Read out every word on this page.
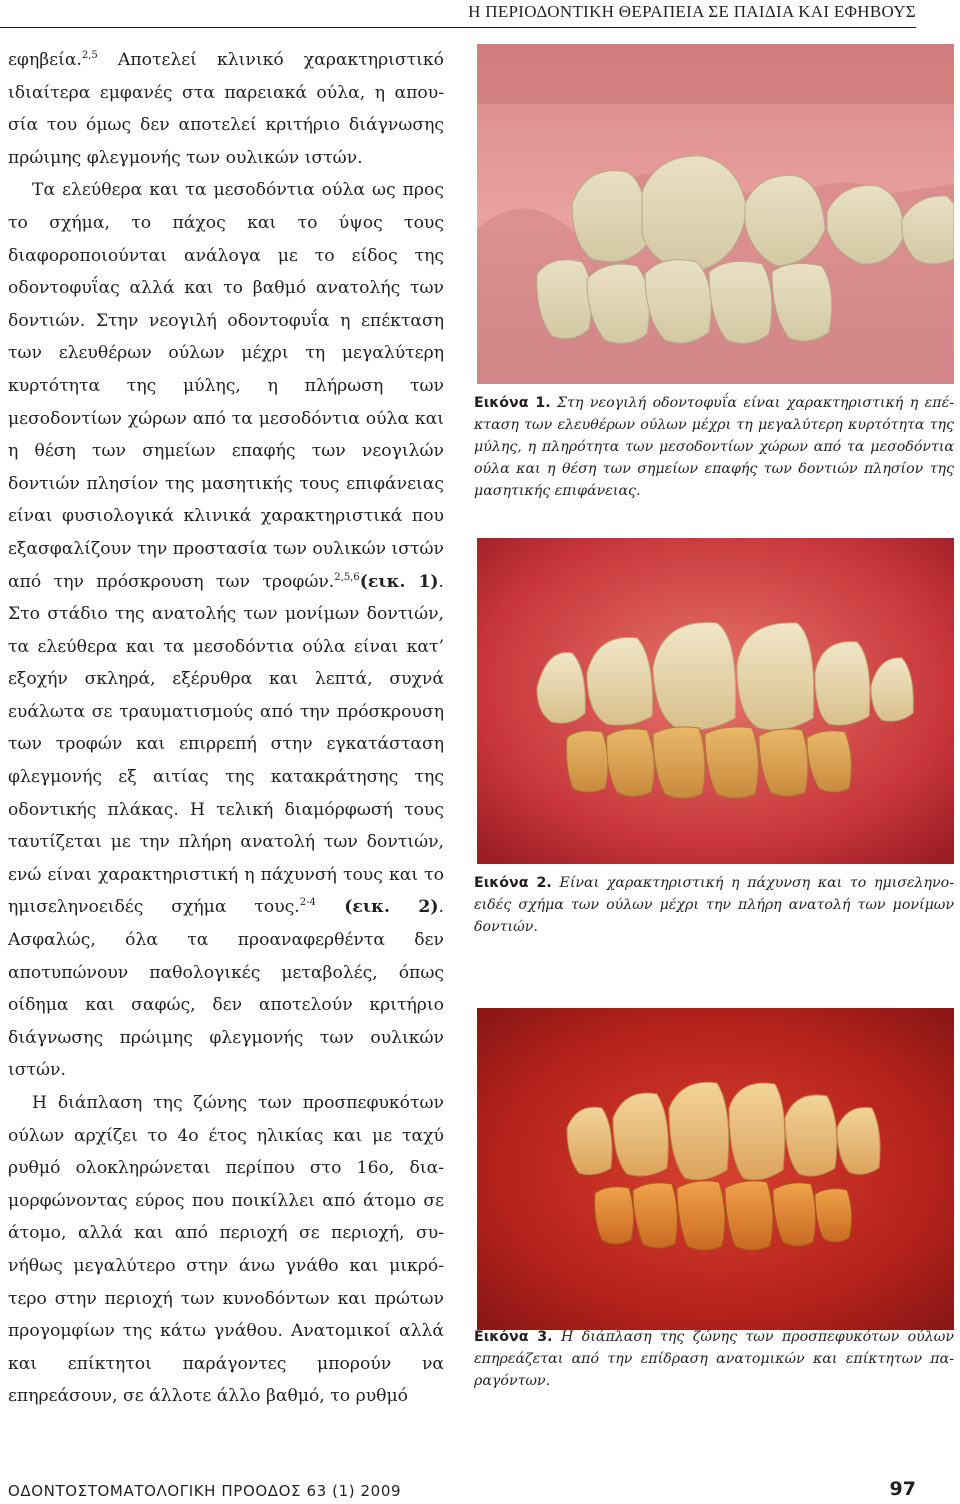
Η ΠΕΡΙΟΔΟΝΤΙΚΗ ΘΕΡΑΠΕΙΑ ΣΕ ΠΑΙΔΙΑ ΚΑΙ ΕΦΗΒΟΥΣ

εφηβεία.$^{2,5}$ Αποτελεί κλινικό χαρακτηριστικό ιδιαίτερα εμφανές στα παρειακά ούλα, η απουσία του όμως δεν αποτελεί κριτήριο διάγνωσης πρώιμης φλεγμονής των ουλικών ιστών.

Τα ελεύθερα και τα μεσοδόντια ούλα ως προς το σχήμα, το πάχος και το ύψος τους διαφοροποιούνται ανάλογα με το είδος της οδοντοφυΐας αλλά και το βαθμό ανατολής των δοντιών. Στην νεογιλή οδοντοφυΐα η επέκταση των ελευθέρων ούλων μέχρι τη μεγαλύτερη κυρτότητα της μύλης, η πλήρωση των μεσοδοντίων χώρων από τα μεσοδόντια ούλα και η θέση των σημείων επαφής των νεογιλών δοντιών πλησίον της μασητικής τους επιφάνειας είναι φυσιολογικά κλινικά χαρακτηριστικά που εξασφαλίζουν την προστασία των ουλικών ιστών από την πρόσκρουση των τροφών.$^{2,5,6}$(εικ. 1). Στο στάδιο της ανατολής των μονίμων δοντιών, τα ελεύθερα και τα μεσοδόντια ούλα είναι κατ’ εξοχήν σκληρά, εξέρυθρα και λεπτά, συχνά ευάλωτα σε τραυματισμούς από την πρόσκρουση των τροφών και επιρρεπή στην εγκατάσταση φλεγμονής εξ αιτίας της κατακράτησης της οδοντικής πλάκας. Η τελική διαμόρφωσή τους ταυτίζεται με την πλήρη ανατολή των δοντιών, ενώ είναι χαρακτηριστική η πάχυνσή τους και το ημισεληνοειδές σχήμα τους.$^{2-4}$ (εικ. 2). Ασφαλώς, όλα τα προαναφερθέντα δεν αποτυπώνουν παθολογικές μεταβολές, όπως οίδημα και σαφώς, δεν αποτελούν κριτήριο διάγνωσης πρώιμης φλεγμονής των ουλικών ιστών.

Η διάπλαση της ζώνης των προσπεφυκότων ούλων αρχίζει το 4ο έτος ηλικίας και με ταχύ ρυθμό ολοκληρώνεται περίπου στο 16ο, διαμορφώνοντας εύρος που ποικίλλει από άτομο σε άτομο, αλλά και από περιοχή σε περιοχή, συνήθως μεγαλύτερο στην άνω γνάθο και μικρότερο στην περιοχή των κυνοδόντων και πρώτων προγομφίων της κάτω γνάθου. Ανατομικοί αλλά και επίκτητοι παράγοντες μπορούν να επηρεάσουν, σε άλλοτε άλλο βαθμό, το ρυθμό

Εικόνα 1. Στη νεογιλή οδοντοφυΐα είναι χαρακτηριστική η επέκταση των ελευθέρων ούλων μέχρι τη μεγαλύτερη κυρτότητα της μύλης, η πληρότητα των μεσοδοντίων χώρων από τα μεσοδόντια ούλα και η θέση των σημείων επαφής των δοντιών πλησίον της μασητικής επιφάνειας.
Εικόνα 2. Είναι χαρακτηριστική η πάχυνση και το ημισεληνοειδές σχήμα των ούλων μέχρι την πλήρη ανατολή των μονίμων δοντιών.
Εικόνα 3. Η διάπλαση της ζώνης των προσπεφυκότων ούλων επηρεάζεται από την επίδραση ανατομικών και επίκτητων παραγόντων.
ΟΔΟΝΤΟΣΤΟΜΑΤΟΛΟΓΙΚΗ ΠΡΟΟΔΟΣ 63 (1) 2009	97
